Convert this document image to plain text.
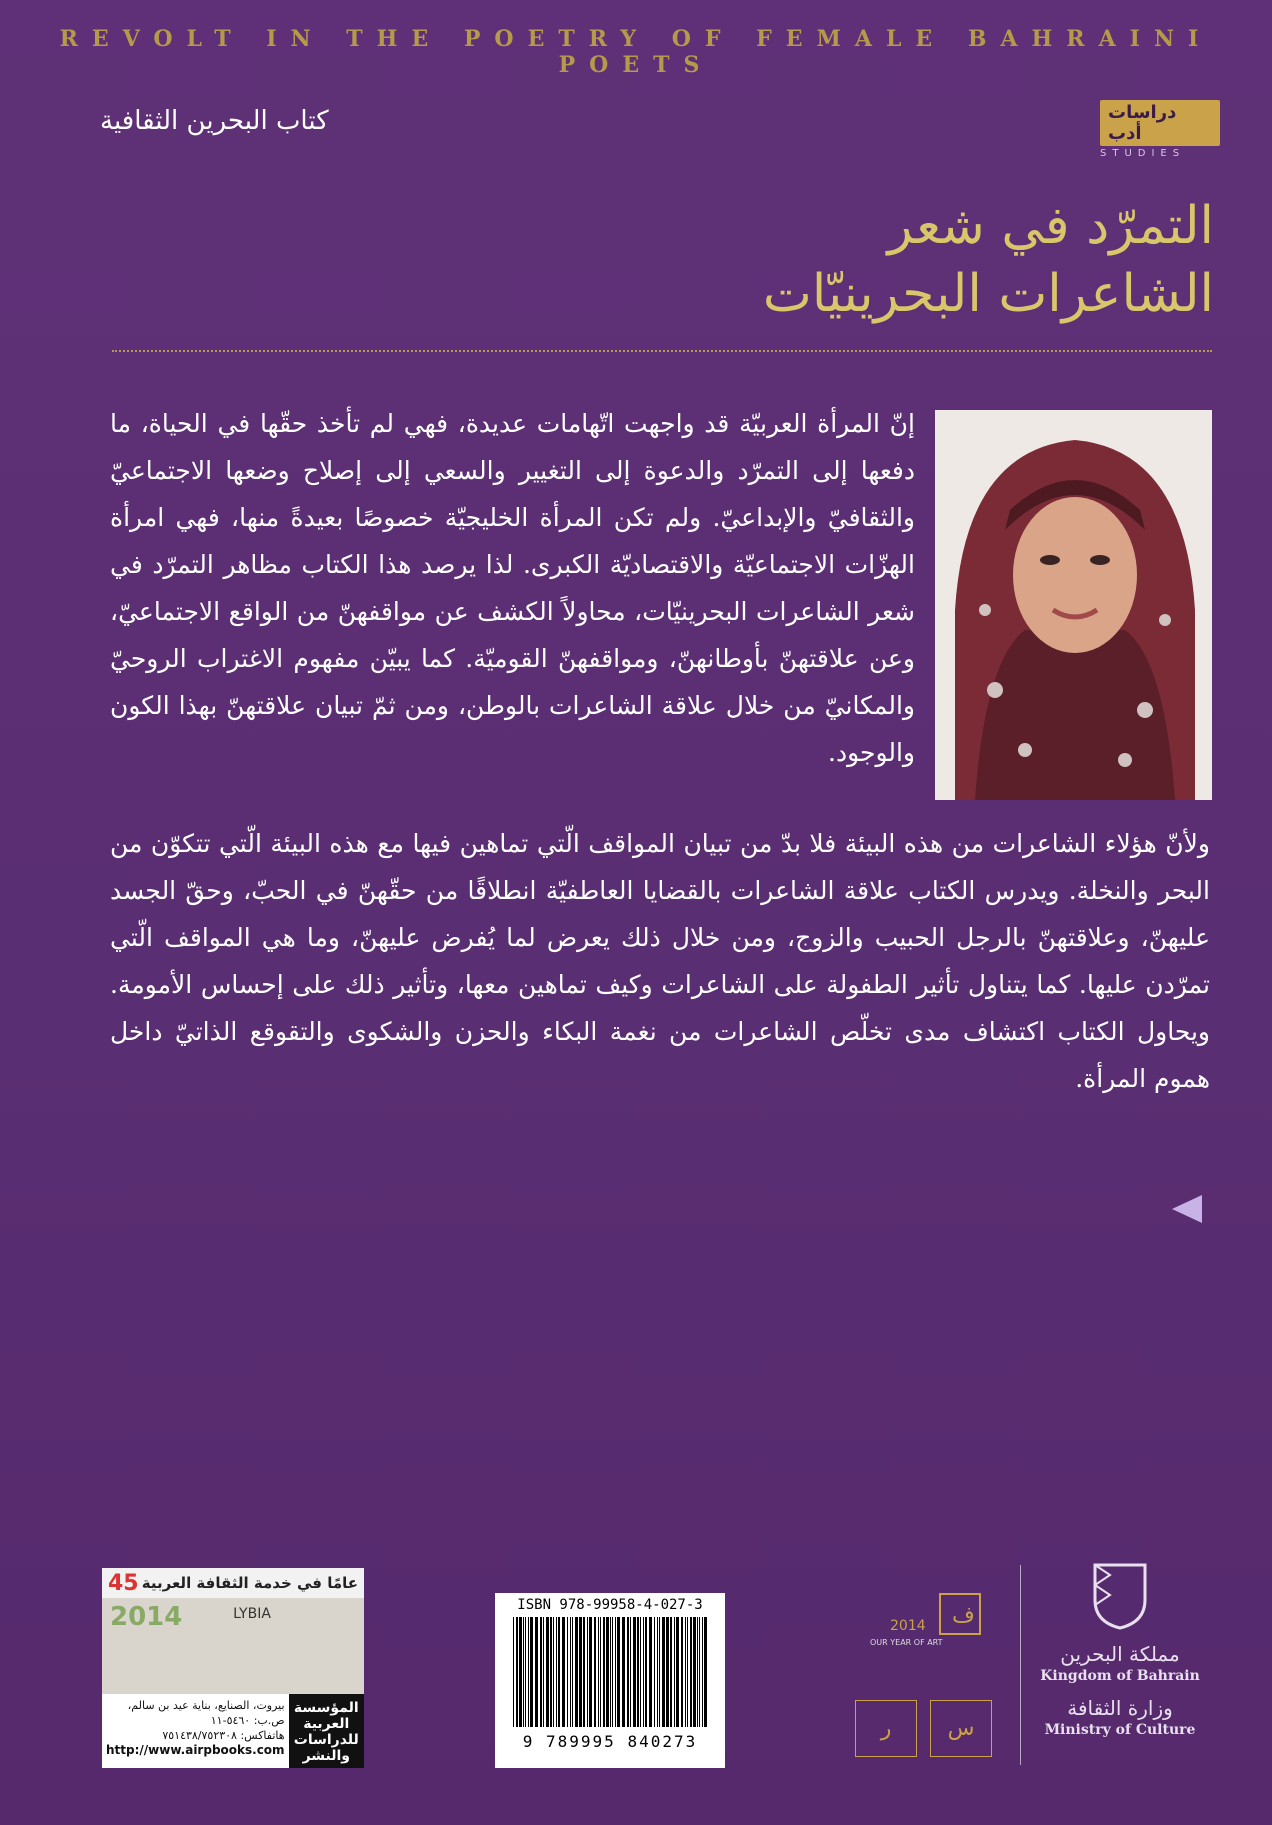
REVOLT IN THE POETRY OF FEMALE BAHRAINI POETS
دراسات أدب
STUDIES
كتاب البحرين الثقافية
التمرّد في شعر
الشاعرات البحرينيّات
إنّ المرأة العربيّة قد واجهت اتّهامات عديدة، فهي لم تأخذ حقّها في الحياة، ما دفعها إلى التمرّد والدعوة إلى التغيير والسعي إلى إصلاح وضعها الاجتماعيّ والثقافيّ والإبداعيّ. ولم تكن المرأة الخليجيّة خصوصًا بعيدةً منها، فهي امرأة الهزّات الاجتماعيّة والاقتصاديّة الكبرى. لذا يرصد هذا الكتاب مظاهر التمرّد في شعر الشاعرات البحرينيّات، محاولاً الكشف عن مواقفهنّ من الواقع الاجتماعيّ، وعن علاقتهنّ بأوطانهنّ، ومواقفهنّ القوميّة. كما يبيّن مفهوم الاغتراب الروحيّ والمكانيّ من خلال علاقة الشاعرات بالوطن، ومن ثمّ تبيان علاقتهنّ بهذا الكون والوجود.
ولأنّ هؤلاء الشاعرات من هذه البيئة فلا بدّ من تبيان المواقف الّتي تماهين فيها مع هذه البيئة الّتي تتكوّن من البحر والنخلة. ويدرس الكتاب علاقة الشاعرات بالقضايا العاطفيّة انطلاقًا من حقّهنّ في الحبّ، وحقّ الجسد عليهنّ، وعلاقتهنّ بالرجل الحبيب والزوج، ومن خلال ذلك يعرض لما يُفرض عليهنّ، وما هي المواقف الّتي تمرّدن عليها. كما يتناول تأثير الطفولة على الشاعرات وكيف تماهين معها، وتأثير ذلك على إحساس الأمومة. ويحاول الكتاب اكتشاف مدى تخلّص الشاعرات من نغمة البكاء والحزن والشكوى والتقوقع الذاتيّ داخل هموم المرأة.
عامًا في خدمة الثقافة العربية
45
2014	LYBIA
المؤسسة العربية للدراسات والنشر
بيروت، الصنايع، بناية عيد بن سالم، ص.ب: ٥٤٦٠-١١
هاتفاكس: ٧٥١٤٣٨/٧٥٢٣٠٨
http://www.airpbooks.com
ISBN 978-99958-4-027-3
9 789995 840273
ف
2014
OUR YEAR OF ART
ر	س
مملكة البحرين
Kingdom of Bahrain
وزارة الثقافة
Ministry of Culture
